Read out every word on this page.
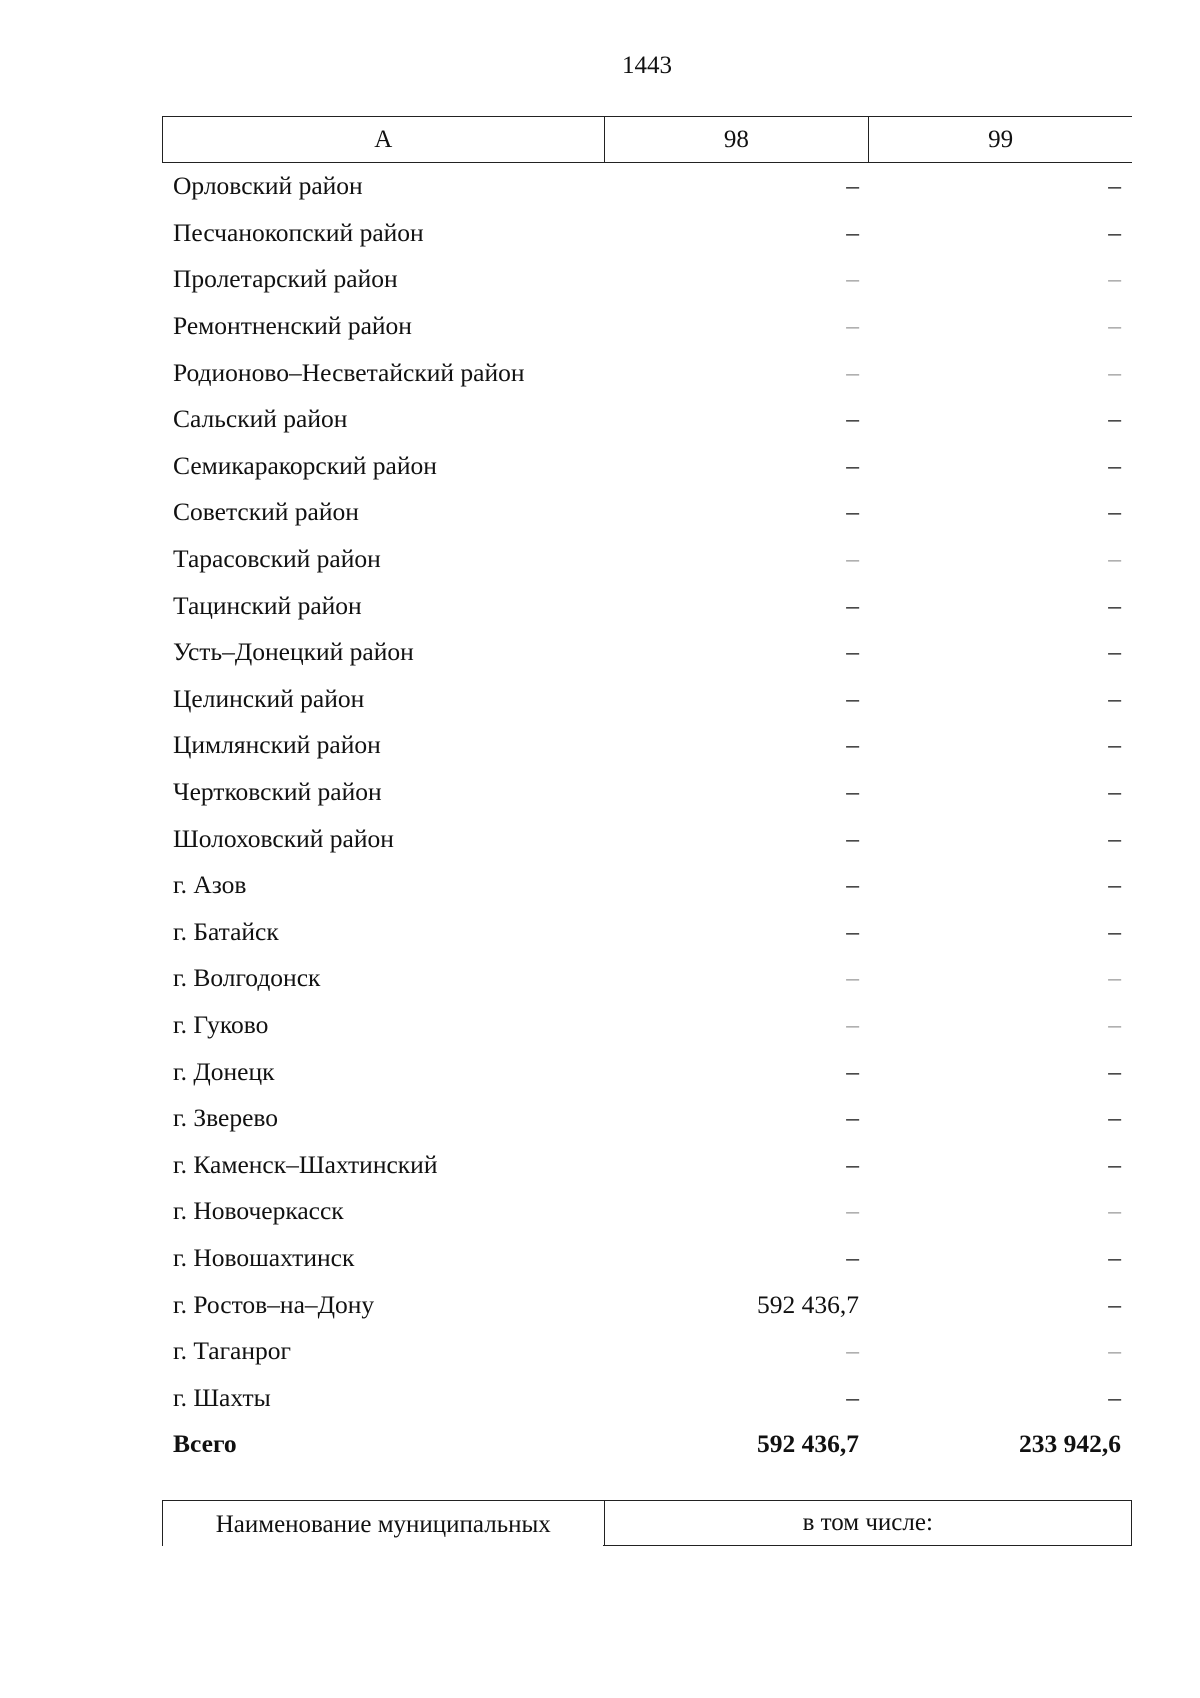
1443
А	98	99
Орловский район	–	–
Песчанокопский район	–	–
Пролетарский район	–	–
Ремонтненский район	–	–
Родионово–Несветайский район	–	–
Сальский район	–	–
Семикаракорский район	–	–
Советский район	–	–
Тарасовский район	–	–
Тацинский район	–	–
Усть–Донецкий район	–	–
Целинский район	–	–
Цимлянский район	–	–
Чертковский район	–	–
Шолоховский район	–	–
г. Азов	–	–
г. Батайск	–	–
г. Волгодонск	–	–
г. Гуково	–	–
г. Донецк	–	–
г. Зверево	–	–
г. Каменск–Шахтинский	–	–
г. Новочеркасск	–	–
г. Новошахтинск	–	–
г. Ростов–на–Дону	592 436,7	–
г. Таганрог	–	–
г. Шахты	–	–
Всего	592 436,7	233 942,6
Наименование муниципальных	в том числе:
